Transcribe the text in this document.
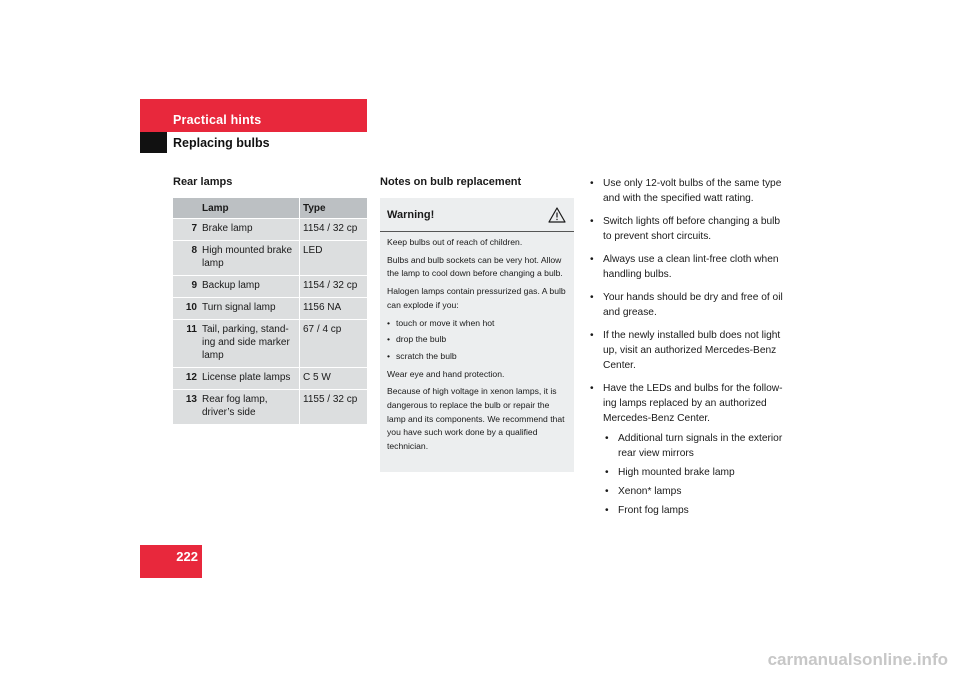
Practical hints
Replacing bulbs
Rear lamps
	Lamp	Type
7	Brake lamp	1154 / 32 cp
8	High mounted brake lamp	LED
9	Backup lamp	1154 / 32 cp
10	Turn signal lamp	1156 NA
11	Tail, parking, stand-ing and side marker lamp	67 / 4 cp
12	License plate lamps	C 5 W
13	Rear fog lamp, driver’s side	1155 / 32 cp
Notes on bulb replacement
Warning!

Keep bulbs out of reach of children.

Bulbs and bulb sockets can be very hot. Allow the lamp to cool down before changing a bulb.

Halogen lamps contain pressurized gas. A bulb can explode if you:

• touch or move it when hot
• drop the bulb
• scratch the bulb

Wear eye and hand protection.

Because of high voltage in xenon lamps, it is dangerous to replace the bulb or repair the lamp and its components. We recommend that you have such work done by a qualified technician.

• Use only 12-volt bulbs of the same type and with the specified watt rating.
• Switch lights off before changing a bulb to prevent short circuits.
• Always use a clean lint-free cloth when handling bulbs.
• Your hands should be dry and free of oil and grease.
• If the newly installed bulb does not light up, visit an authorized Mercedes-Benz Center.
• Have the LEDs and bulbs for the follow-ing lamps replaced by an authorized Mercedes-Benz Center.
• Additional turn signals in the exterior rear view mirrors
• High mounted brake lamp
• Xenon* lamps
• Front fog lamps
222
carmanualsonline.info
